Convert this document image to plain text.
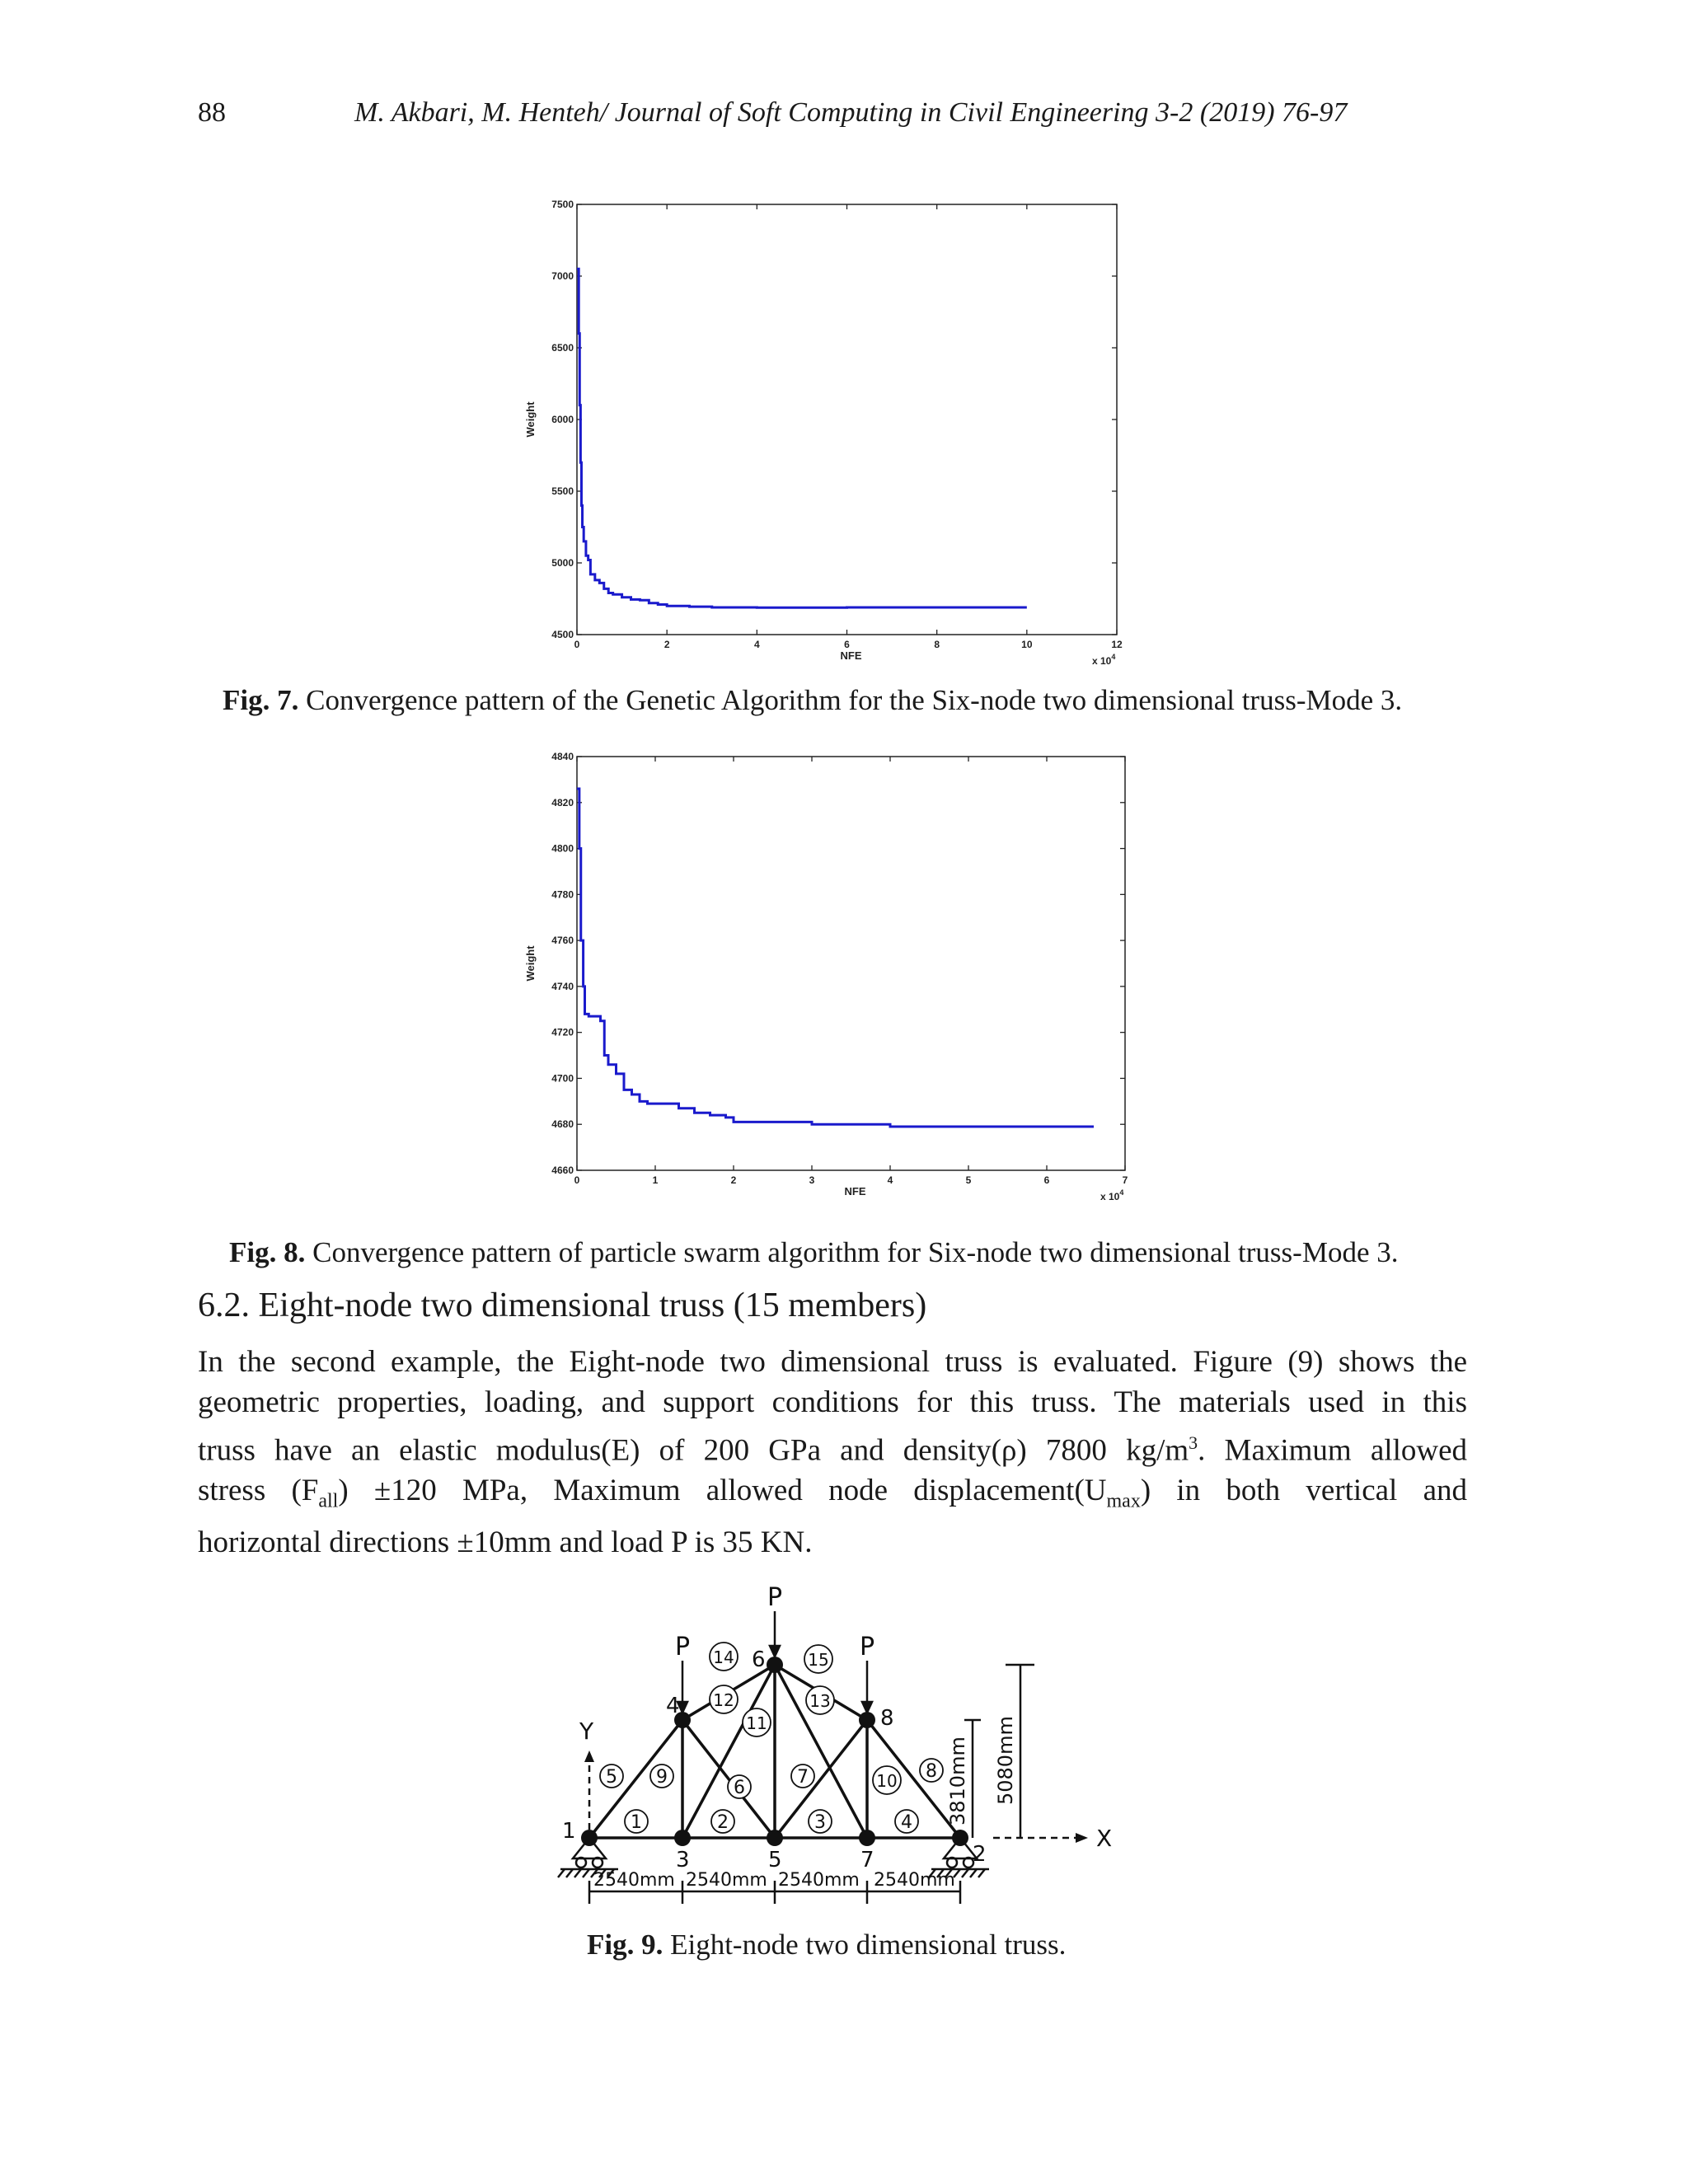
88	M. Akbari, M. Henteh/ Journal of Soft Computing in Civil Engineering 3-2 (2019) 76-97
0	2	4	6	8	10	12
4500
5000
5500
6000
6500
7000
7500
NFE
Weight
x $10^4$
Fig. 7. Convergence pattern of the Genetic Algorithm for the Six-node two dimensional truss-Mode 3.
0	1	2	3	4	5	6	7
4660
4680
4700
4720
4740
4760
4780
4800
4820
4840
NFE
Weight
x $10^4$
Fig. 8. Convergence pattern of particle swarm algorithm for Six-node two dimensional truss-Mode 3.
6.2. Eight-node two dimensional truss (15 members)
In the second example, the Eight-node two dimensional truss is evaluated. Figure (9) shows the
geometric properties, loading, and support conditions for this truss. The materials used in this
truss have an elastic modulus(E) of 200 GPa and density(ρ) 7800 $kg/m^3$. Maximum allowed
stress $(F_{all}) \pm 120$ MPa, Maximum allowed node $displacement(U_{max})$ in both vertical and
horizontal directions ±10mm and load P is 35 KN.
P
P
P
Y
X
1
2
3
4
5
6
7
8
1	2	3	4
5
6
7	8
9	10
11
12	13
14	15
3810mm 5080mm
2540mm 2540mm 2540mm 2540mm
Fig. 9. Eight-node two dimensional truss.
